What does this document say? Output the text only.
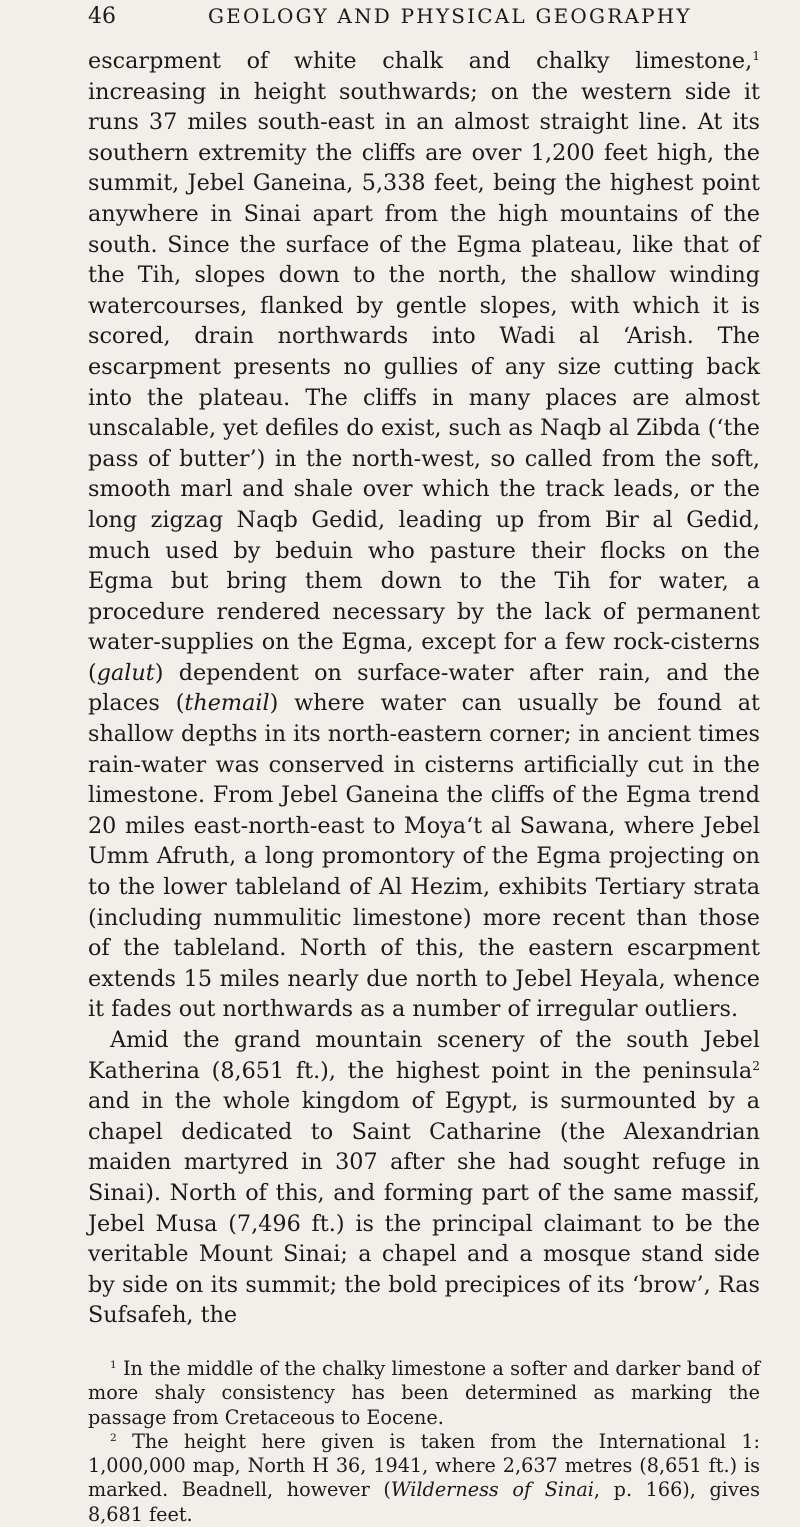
46	GEOLOGY AND PHYSICAL GEOGRAPHY

escarpment of white chalk and chalky limestone,$^1$ increasing in height southwards; on the western side it runs 37 miles south-east in an almost straight line. At its southern extremity the cliffs are over 1,200 feet high, the summit, Jebel Ganeina, 5,338 feet, being the highest point anywhere in Sinai apart from the high mountains of the south. Since the surface of the Egma plateau, like that of the Tih, slopes down to the north, the shallow winding watercourses, flanked by gentle slopes, with which it is scored, drain northwards into Wadi al ‘Arish. The escarpment presents no gullies of any size cutting back into the plateau. The cliffs in many places are almost unscalable, yet defiles do exist, such as Naqb al Zibda (‘the pass of butter’) in the north-west, so called from the soft, smooth marl and shale over which the track leads, or the long zigzag Naqb Gedid, leading up from Bir al Gedid, much used by beduin who pasture their flocks on the Egma but bring them down to the Tih for water, a procedure rendered necessary by the lack of permanent water-supplies on the Egma, except for a few rock-cisterns (galut) dependent on surface-water after rain, and the places (themail) where water can usually be found at shallow depths in its north-eastern corner; in ancient times rain-water was conserved in cisterns artificially cut in the limestone. From Jebel Ganeina the cliffs of the Egma trend 20 miles east-north-east to Moya‘t al Sawana, where Jebel Umm Afruth, a long promontory of the Egma projecting on to the lower tableland of Al Hezim, exhibits Tertiary strata (including nummulitic limestone) more recent than those of the tableland. North of this, the eastern escarpment extends 15 miles nearly due north to Jebel Heyala, whence it fades out northwards as a number of irregular outliers.

Amid the grand mountain scenery of the south Jebel Katherina (8,651 ft.), the highest point in the peninsula$^2$ and in the whole kingdom of Egypt, is surmounted by a chapel dedicated to Saint Catharine (the Alexandrian maiden martyred in 307 after she had sought refuge in Sinai). North of this, and forming part of the same massif, Jebel Musa (7,496 ft.) is the principal claimant to be the veritable Mount Sinai; a chapel and a mosque stand side by side on its summit; the bold precipices of its ‘brow’, Ras Sufsafeh, the

$^1$ In the middle of the chalky limestone a softer and darker band of more shaly consistency has been determined as marking the passage from Cretaceous to Eocene.

$^2$ The height here given is taken from the International 1: 1,000,000 map, North H 36, 1941, where 2,637 metres (8,651 ft.) is marked. Beadnell, however (Wilderness of Sinai, p. 166), gives 8,681 feet.
